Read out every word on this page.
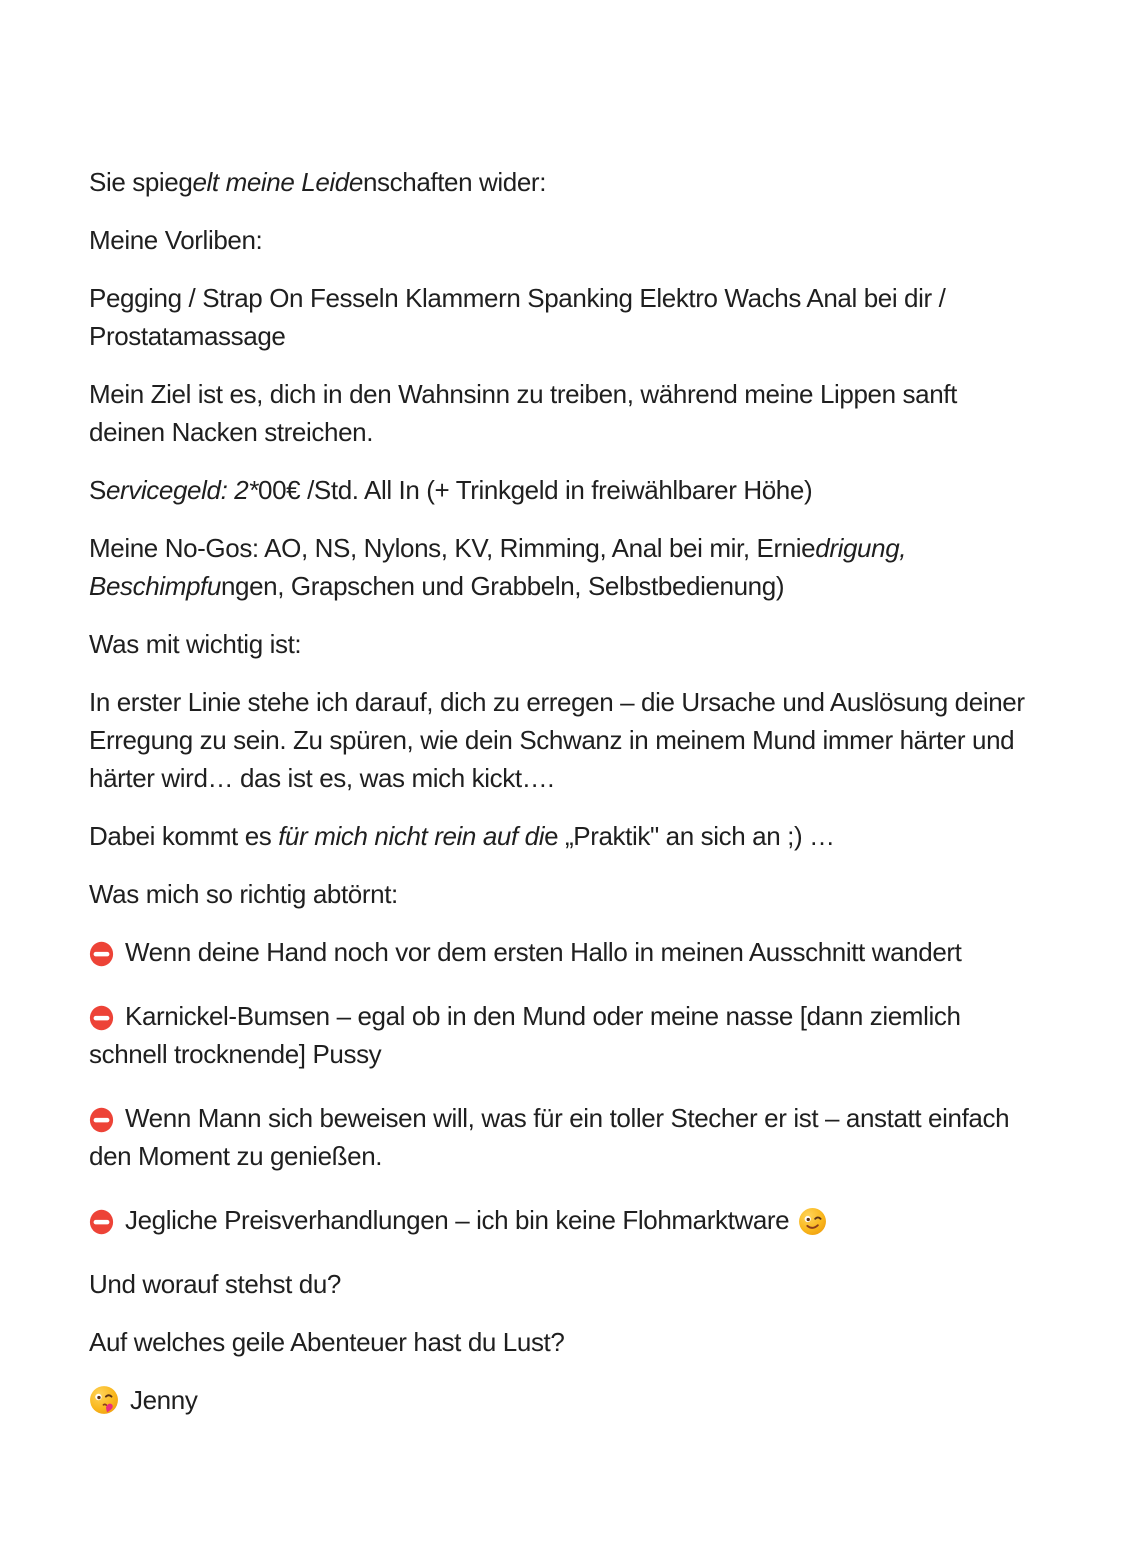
Sie spiegelt meine Leidenschaften wider:

Meine Vorliben:

Pegging / Strap On Fesseln Klammern Spanking Elektro Wachs Anal bei dir / Prostatamassage

Mein Ziel ist es, dich in den Wahnsinn zu treiben, während meine Lippen sanft deinen Nacken streichen.

Servicegeld: 2*00€ /Std. All In (+ Trinkgeld in freiwählbarer Höhe)

Meine No-Gos: AO, NS, Nylons, KV, Rimming, Anal bei mir, Erniedrigung, Beschimpfungen, Grapschen und Grabbeln, Selbstbedienung)

Was mit wichtig ist:

In erster Linie stehe ich darauf, dich zu erregen – die Ursache und Auslösung deiner Erregung zu sein. Zu spüren, wie dein Schwanz in meinem Mund immer härter und härter wird… das ist es, was mich kickt….

Dabei kommt es für mich nicht rein auf die „Praktik" an sich an ;) …

Was mich so richtig abtörnt:

Wenn deine Hand noch vor dem ersten Hallo in meinen Ausschnitt wandert

Karnickel-Bumsen – egal ob in den Mund oder meine nasse [dann ziemlich schnell trocknende] Pussy

Wenn Mann sich beweisen will, was für ein toller Stecher er ist – anstatt einfach den Moment zu genießen.

Jegliche Preisverhandlungen – ich bin keine Flohmarktware

Und worauf stehst du?

Auf welches geile Abenteuer hast du Lust?

Jenny
